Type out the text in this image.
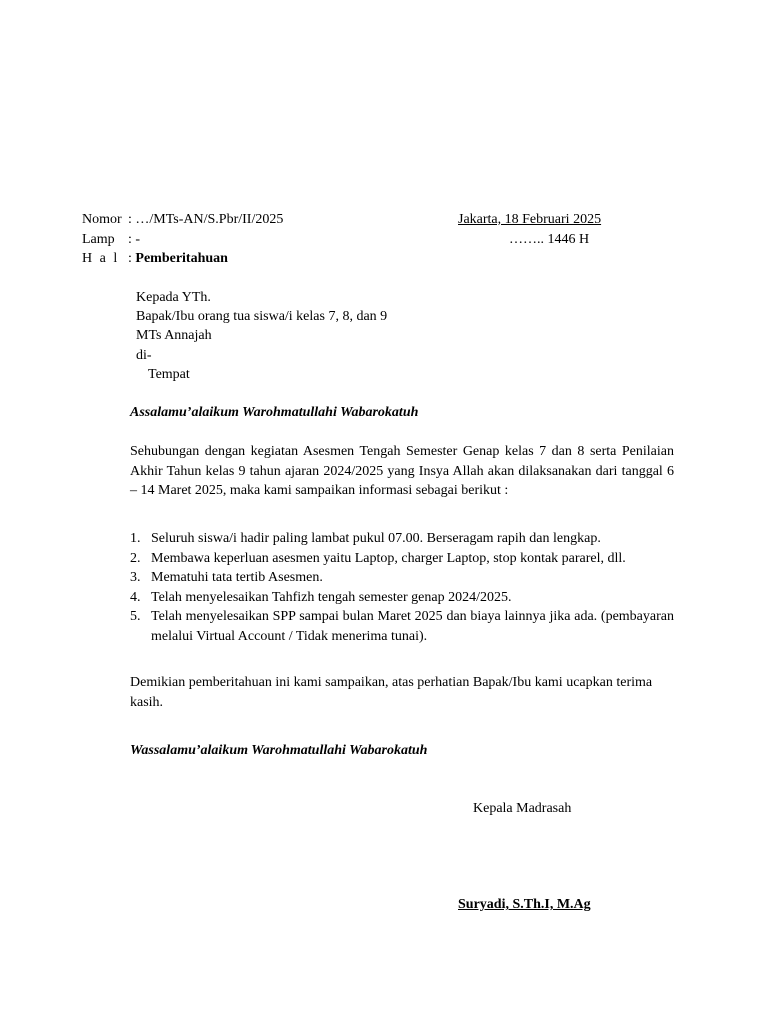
Nomor : …/MTs-AN/S.Pbr/II/2025
Lamp : -
H a l : Pemberitahuan
Jakarta, 18 Februari 2025
…….. 1446 H
Kepada YTh.
Bapak/Ibu orang tua siswa/i kelas 7, 8, dan 9
MTs Annajah
di-
Tempat
Assalamu’alaikum Warohmatullahi Wabarokatuh
Sehubungan dengan kegiatan Asesmen Tengah Semester Genap kelas 7 dan 8 serta Penilaian Akhir Tahun kelas 9 tahun ajaran 2024/2025 yang Insya Allah akan dilaksanakan dari tanggal 6 – 14 Maret 2025, maka kami sampaikan informasi sebagai berikut :
1. Seluruh siswa/i hadir paling lambat pukul 07.00. Berseragam rapih dan lengkap.
2. Membawa keperluan asesmen yaitu Laptop, charger Laptop, stop kontak pararel, dll.
3. Mematuhi tata tertib Asesmen.
4. Telah menyelesaikan Tahfizh tengah semester genap 2024/2025.
5. Telah menyelesaikan SPP sampai bulan Maret 2025 dan biaya lainnya jika ada. (pembayaran melalui Virtual Account / Tidak menerima tunai).
Demikian pemberitahuan ini kami sampaikan, atas perhatian Bapak/Ibu kami ucapkan terima kasih.
Wassalamu’alaikum Warohmatullahi Wabarokatuh
Kepala Madrasah
Suryadi, S.Th.I, M.Ag
